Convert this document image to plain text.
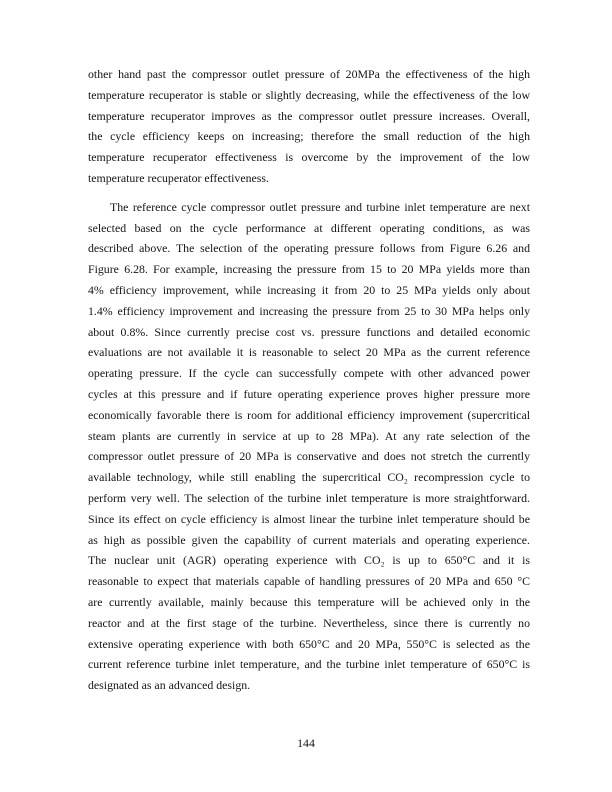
other hand past the compressor outlet pressure of 20MPa the effectiveness of the high
temperature recuperator is stable or slightly decreasing, while the effectiveness of the low
temperature recuperator improves as the compressor outlet pressure increases. Overall,
the cycle efficiency keeps on increasing; therefore the small reduction of the high
temperature recuperator effectiveness is overcome by the improvement of the low
temperature recuperator effectiveness.
The reference cycle compressor outlet pressure and turbine inlet temperature are next
selected based on the cycle performance at different operating conditions, as was
described above. The selection of the operating pressure follows from Figure 6.26 and
Figure 6.28. For example, increasing the pressure from 15 to 20 MPa yields more than
4% efficiency improvement, while increasing it from 20 to 25 MPa yields only about
1.4% efficiency improvement and increasing the pressure from 25 to 30 MPa helps only
about 0.8%. Since currently precise cost vs. pressure functions and detailed economic
evaluations are not available it is reasonable to select 20 MPa as the current reference
operating pressure. If the cycle can successfully compete with other advanced power
cycles at this pressure and if future operating experience proves higher pressure more
economically favorable there is room for additional efficiency improvement (supercritical
steam plants are currently in service at up to 28 MPa). At any rate selection of the
compressor outlet pressure of 20 MPa is conservative and does not stretch the currently
available technology, while still enabling the supercritical CO₂ recompression cycle to
perform very well. The selection of the turbine inlet temperature is more straightforward.
Since its effect on cycle efficiency is almost linear the turbine inlet temperature should be
as high as possible given the capability of current materials and operating experience.
The nuclear unit (AGR) operating experience with CO₂ is up to 650°C and it is
reasonable to expect that materials capable of handling pressures of 20 MPa and 650 °C
are currently available, mainly because this temperature will be achieved only in the
reactor and at the first stage of the turbine. Nevertheless, since there is currently no
extensive operating experience with both 650°C and 20 MPa, 550°C is selected as the
current reference turbine inlet temperature, and the turbine inlet temperature of 650°C is
designated as an advanced design.
144
